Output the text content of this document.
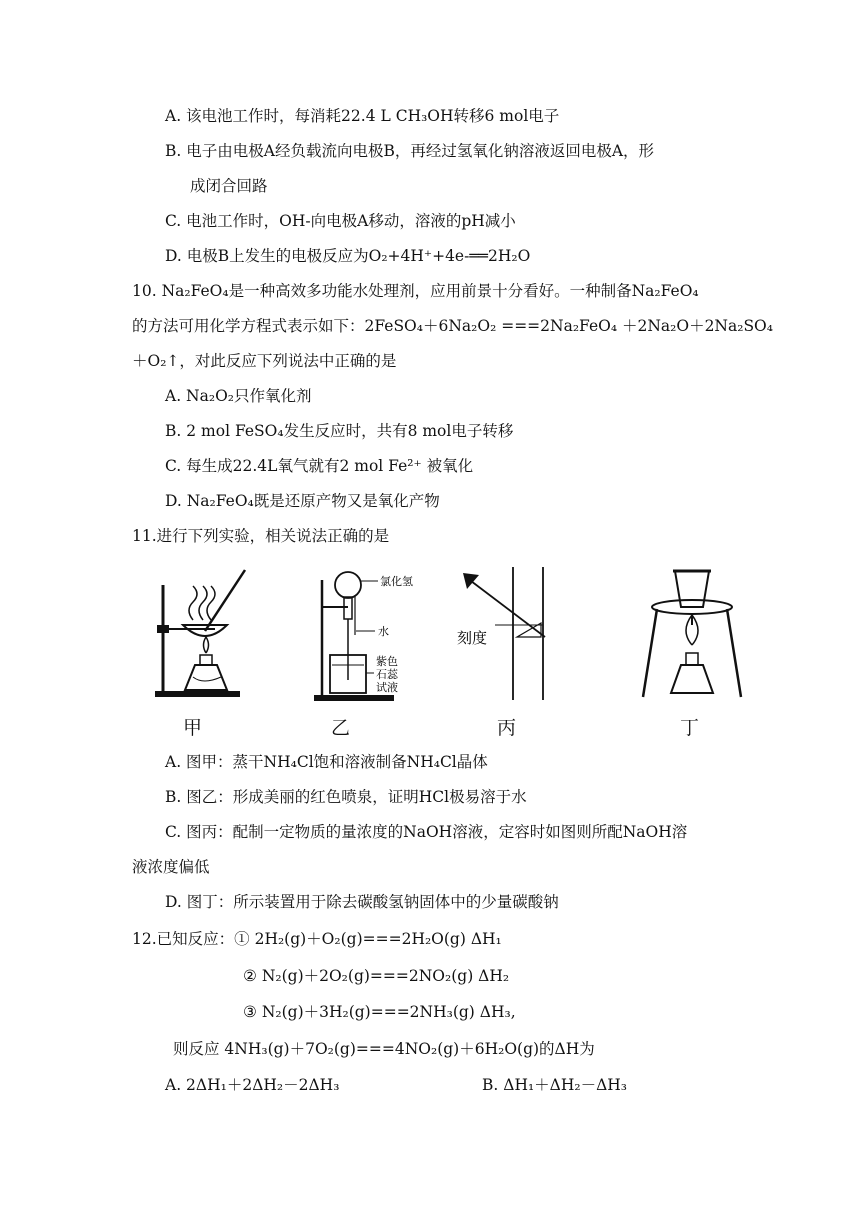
A. 该电池工作时，每消耗22.4 L CH₃OH转移6 mol电子
B. 电子由电极A经负载流向电极B，再经过氢氧化钠溶液返回电极A，形
成闭合回路
C. 电池工作时，OH-向电极A移动，溶液的pH减小
D. 电极B上发生的电极反应为O₂+4H⁺+4e-══2H₂O
10. Na₂FeO₄是一种高效多功能水处理剂，应用前景十分看好。一种制备Na₂FeO₄
的方法可用化学方程式表示如下：2FeSO₄＋6Na₂O₂ ===2Na₂FeO₄ ＋2Na₂O＋2Na₂SO₄
＋O₂↑，对此反应下列说法中正确的是
A. Na₂O₂只作氧化剂
B. 2 mol FeSO₄发生反应时，共有8 mol电子转移
C. 每生成22.4L氧气就有2 mol Fe²⁺ 被氧化
D. Na₂FeO₄既是还原产物又是氧化产物
11.进行下列实验，相关说法正确的是
甲
氯化氢
水
紫色
石蕊
试液
乙
刻度
丙	丁
A. 图甲：蒸干NH₄Cl饱和溶液制备NH₄Cl晶体
B. 图乙：形成美丽的红色喷泉，证明HCl极易溶于水
C. 图丙：配制一定物质的量浓度的NaOH溶液，定容时如图则所配NaOH溶
液浓度偏低
D. 图丁：所示装置用于除去碳酸氢钠固体中的少量碳酸钠
12.已知反应：① 2H₂(g)＋O₂(g)===2H₂O(g) ΔH₁
② N₂(g)＋2O₂(g)===2NO₂(g) ΔH₂
③ N₂(g)＋3H₂(g)===2NH₃(g) ΔH₃,
则反应 4NH₃(g)＋7O₂(g)===4NO₂(g)＋6H₂O(g)的ΔH为
A. 2ΔH₁＋2ΔH₂－2ΔH₃	B. ΔH₁＋ΔH₂－ΔH₃
